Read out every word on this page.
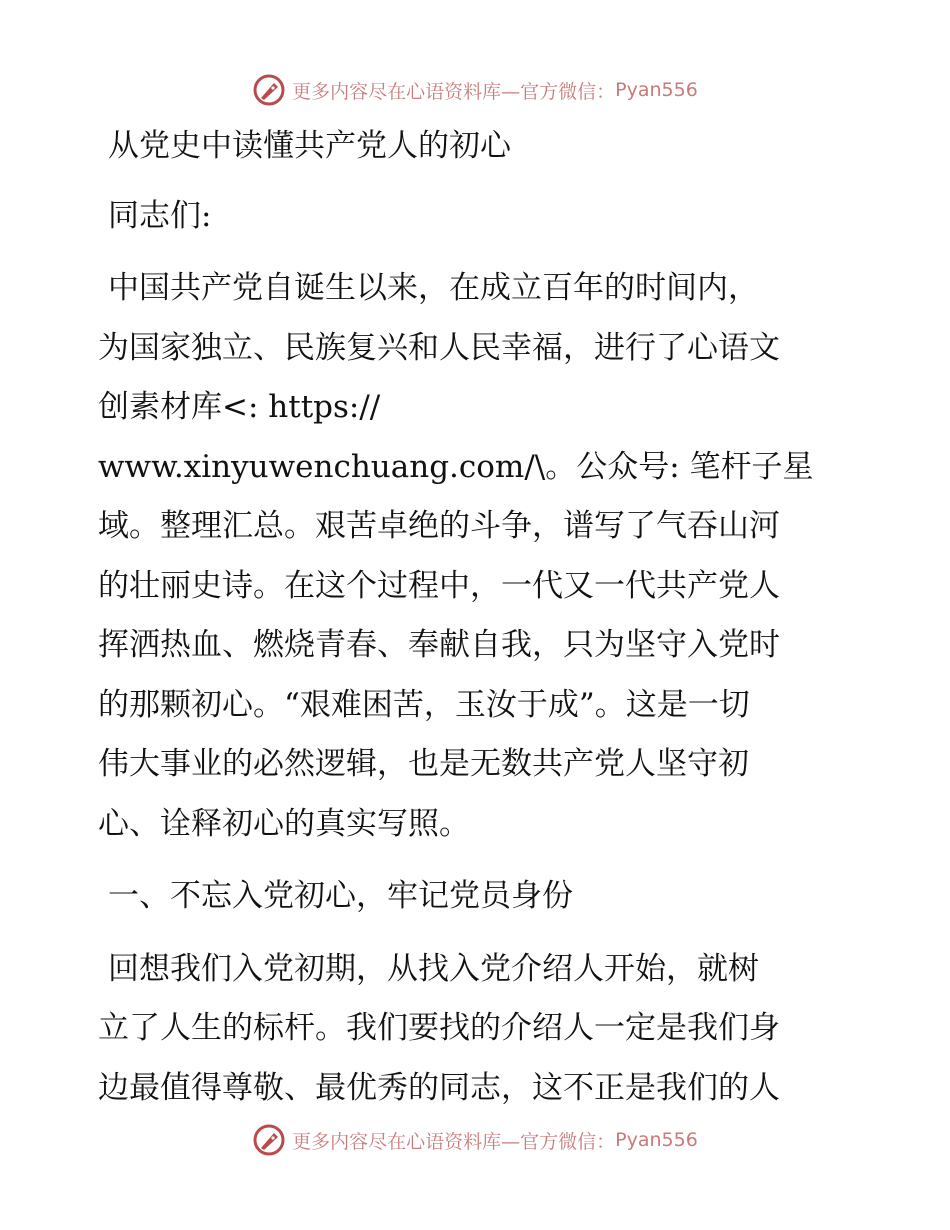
更多内容尽在心语资料库—官方微信： Pyan556

从党史中读懂共产党人的初心

同志们:

中国共产党自诞生以来，在成立百年的时间内，
为国家独立、民族复兴和人民幸福，进行了心语文
创素材库<: https://
www.xinyuwenchuang.com/\。公众号: 笔杆子星
域。整理汇总。艰苦卓绝的斗争，谱写了气吞山河
的壮丽史诗。在这个过程中，一代又一代共产党人
挥洒热血、燃烧青春、奉献自我，只为坚守入党时
的那颗初心。“艰难困苦，玉汝于成”。这是一切
伟大事业的必然逻辑，也是无数共产党人坚守初
心、诠释初心的真实写照。

一、不忘入党初心，牢记党员身份

回想我们入党初期，从找入党介绍人开始，就树
立了人生的标杆。我们要找的介绍人一定是我们身
边最值得尊敬、最优秀的同志，这不正是我们的人

更多内容尽在心语资料库—官方微信： Pyan556
